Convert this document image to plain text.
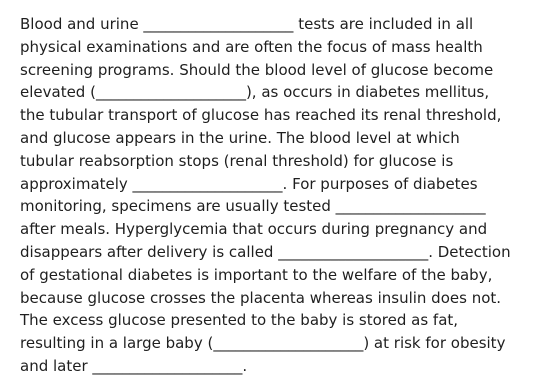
Blood and urine ____________________ tests are included in all
physical examinations and are often the focus of mass health
screening programs. Should the blood level of glucose become
elevated (____________________), as occurs in diabetes mellitus,
the tubular transport of glucose has reached its renal threshold,
and glucose appears in the urine. The blood level at which
tubular reabsorption stops (renal threshold) for glucose is
approximately ____________________. For purposes of diabetes
monitoring, specimens are usually tested ____________________
after meals. Hyperglycemia that occurs during pregnancy and
disappears after delivery is called ____________________. Detection
of gestational diabetes is important to the welfare of the baby,
because glucose crosses the placenta whereas insulin does not.
The excess glucose presented to the baby is stored as fat,
resulting in a large baby (____________________) at risk for obesity
and later ____________________.
